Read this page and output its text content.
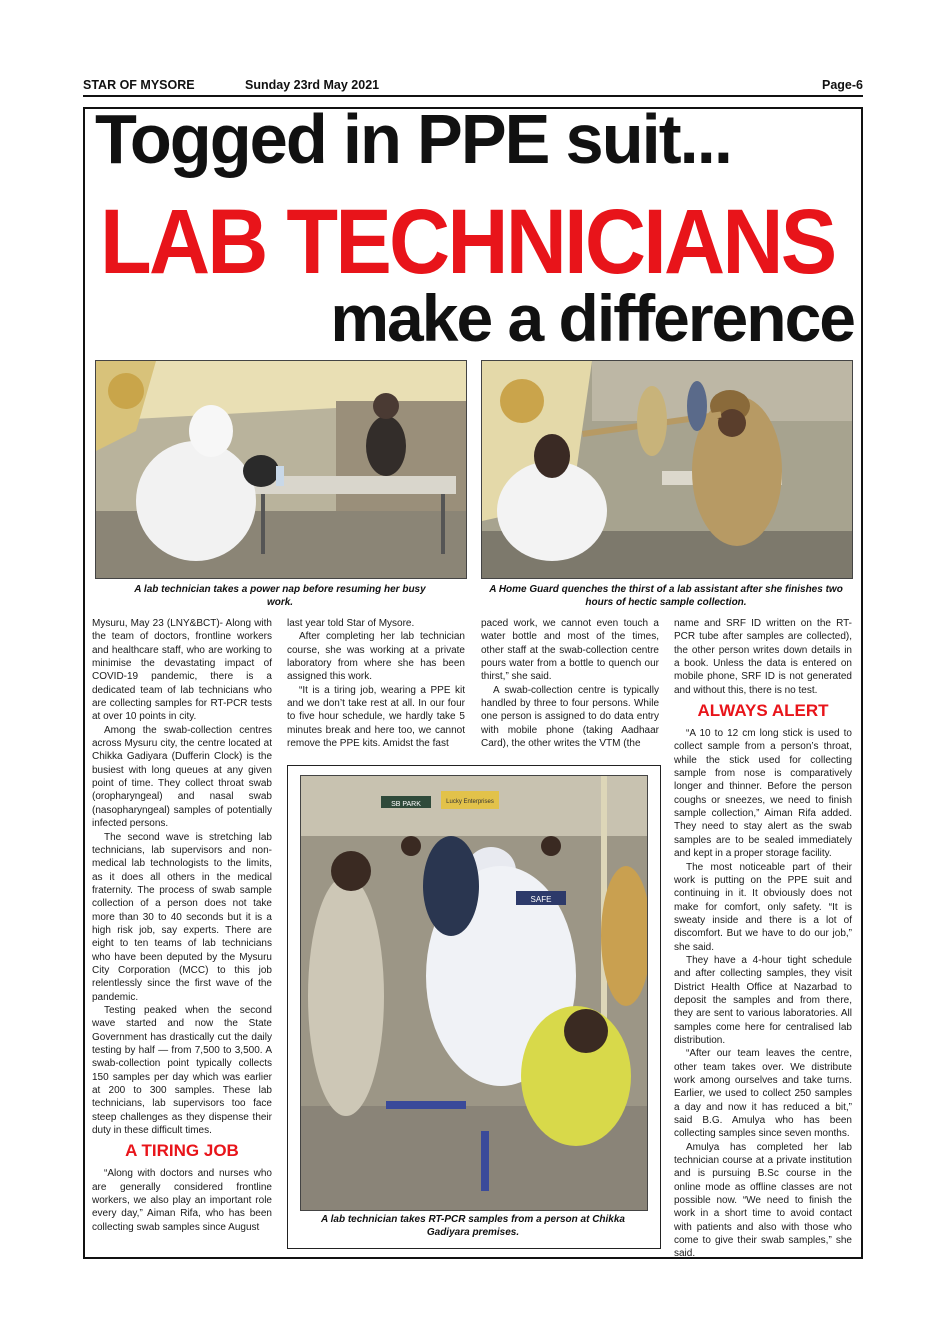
STAR OF MYSORE	Sunday 23rd May 2021	Page-6
Togged in PPE suit...
LAB TECHNICIANS
make a difference
A lab technician takes a power nap before resuming her busy work.
A Home Guard quenches the thirst of a lab assistant after she finishes two hours of hectic sample collection.

Mysuru, May 23 (LNY&BCT)- Along with the team of doctors, frontline workers and healthcare staff, who are working to minimise the devastating impact of COVID-19 pandemic, there is a dedicated team of lab technicians who are collecting samples for RT-PCR tests at over 10 points in city.

Among the swab-collection centres across Mysuru city, the centre located at Chikka Gadiyara (Dufferin Clock) is the busiest with long queues at any given point of time. They collect throat swab (oropharyngeal) and nasal swab (nasopharyngeal) samples of potentially infected persons.

The second wave is stretching lab technicians, lab supervisors and non-medical lab technologists to the limits, as it does all others in the medical fraternity. The process of swab sample collection of a person does not take more than 30 to 40 seconds but it is a high risk job, say experts. There are eight to ten teams of lab technicians who have been deputed by the Mysuru City Corporation (MCC) to this job relentlessly since the first wave of the pandemic.

Testing peaked when the second wave started and now the State Government has drastically cut the daily testing by half — from 7,500 to 3,500. A swab-collection point typically collects 150 samples per day which was earlier at 200 to 300 samples. These lab technicians, lab supervisors too face steep challenges as they dispense their duty in these difficult times.

A TIRING JOB

“Along with doctors and nurses who are generally considered frontline workers, we also play an important role every day,” Aiman Rifa, who has been collecting swab samples since August

last year told Star of Mysore.

After completing her lab technician course, she was working at a private laboratory from where she has been assigned this work.

“It is a tiring job, wearing a PPE kit and we don’t take rest at all. In our four to five hour schedule, we hardly take 5 minutes break and here too, we cannot remove the PPE kits. Amidst the fast

paced work, we cannot even touch a water bottle and most of the times, other staff at the swab-collection centre pours water from a bottle to quench our thirst,” she said.

A swab-collection centre is typically handled by three to four persons. While one person is assigned to do data entry with mobile phone (taking Aadhaar Card), the other writes the VTM (the

name and SRF ID written on the RT-PCR tube after samples are collected), the other person writes down details in a book. Unless the data is entered on mobile phone, SRF ID is not generated and without this, there is no test.

ALWAYS ALERT

“A 10 to 12 cm long stick is used to collect sample from a person’s throat, while the stick used for collecting sample from nose is comparatively longer and thinner. Before the person coughs or sneezes, we need to finish sample collection,” Aiman Rifa added. They need to stay alert as the swab samples are to be sealed immediately and kept in a proper storage facility.

The most noticeable part of their work is putting on the PPE suit and continuing in it. It obviously does not make for comfort, only safety. “It is sweaty inside and there is a lot of discomfort. But we have to do our job,” she said.

They have a 4-hour tight schedule and after collecting samples, they visit District Health Office at Nazarbad to deposit the samples and from there, they are sent to various laboratories. All samples come here for centralised lab distribution.

“After our team leaves the centre, other team takes over. We distribute work among ourselves and take turns. Earlier, we used to collect 250 samples a day and now it has reduced a bit,” said B.G. Amulya who has been collecting samples since seven months.

Amulya has completed her lab technician course at a private institution and is pursuing B.Sc course in the online mode as offline classes are not possible now. “We need to finish the work in a short time to avoid contact with patients and also with those who come to give their swab samples,” she said.

SB PARK	Lucky Enterprises
SAFE
A lab technician takes RT-PCR samples from a person at Chikka Gadiyara premises.
